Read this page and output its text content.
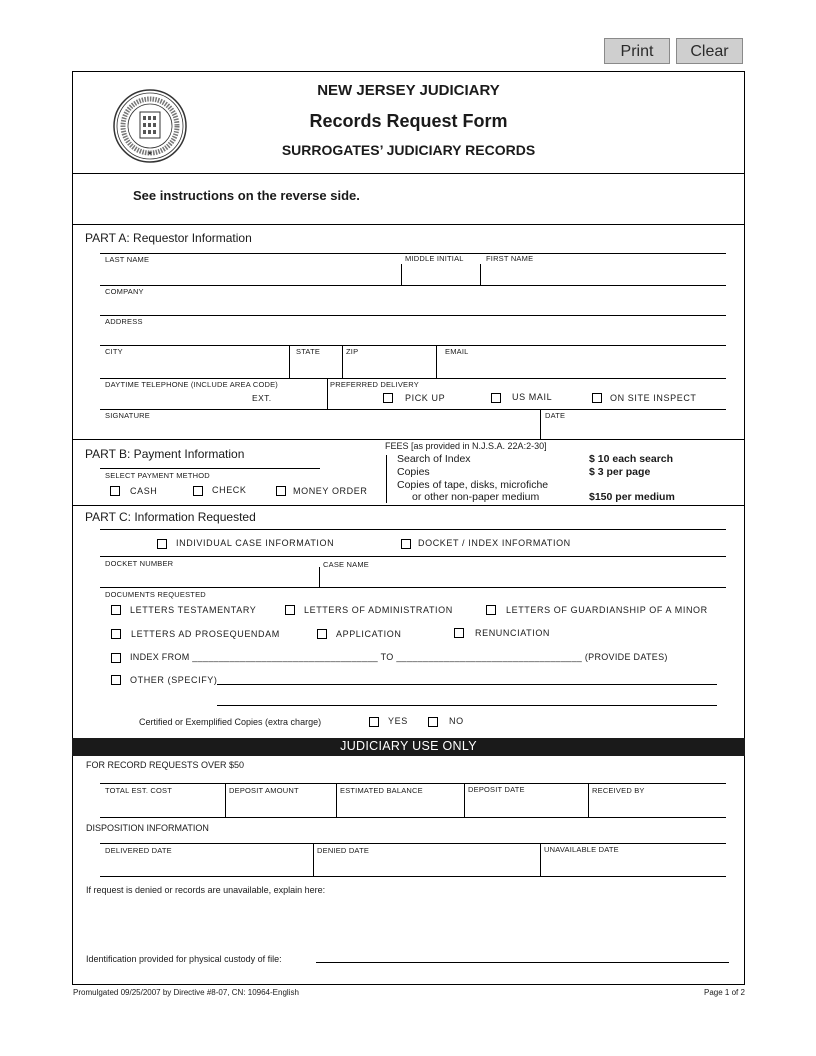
Print	Clear
★
NEW JERSEY JUDICIARY
Records Request Form
SURROGATES’ JUDICIARY RECORDS
See instructions on the reverse side.
PART A: Requestor Information
LAST NAME	MIDDLE INITIAL	FIRST NAME
COMPANY
ADDRESS
CITY	STATE	ZIP	EMAIL
DAYTIME TELEPHONE (INCLUDE AREA CODE)
EXT.
PREFERRED DELIVERY
PICK UP	US MAIL	ON SITE INSPECT
SIGNATURE	DATE
PART B: Payment Information
SELECT PAYMENT METHOD
CASH	CHECK	MONEY ORDER
FEES [as provided in N.J.S.A. 22A:2-30]
Search of Index	$ 10 each search
Copies	$ 3 per page
Copies of tape, disks, microfiche
or other non-paper medium	$150 per medium
PART C: Information Requested
INDIVIDUAL CASE INFORMATION	DOCKET / INDEX INFORMATION
DOCKET NUMBER	CASE NAME
DOCUMENTS REQUESTED
LETTERS TESTAMENTARY	LETTERS OF ADMINISTRATION	LETTERS OF GUARDIANSHIP OF A MINOR
LETTERS AD PROSEQUENDAM	APPLICATION	RENUNCIATION
INDEX FROM ___________________________________ TO ___________________________________ (PROVIDE DATES)
OTHER (SPECIFY)
Certified or Exemplified Copies (extra charge)	YES	NO
JUDICIARY USE ONLY
FOR RECORD REQUESTS OVER $50
TOTAL EST. COST	DEPOSIT AMOUNT	ESTIMATED BALANCE	DEPOSIT DATE	RECEIVED BY
DISPOSITION INFORMATION
DELIVERED DATE	DENIED DATE	UNAVAILABLE DATE
If request is denied or records are unavailable, explain here:
Identification provided for physical custody of file:
Promulgated 09/25/2007 by Directive #8-07, CN: 10964-English	Page 1 of 2
